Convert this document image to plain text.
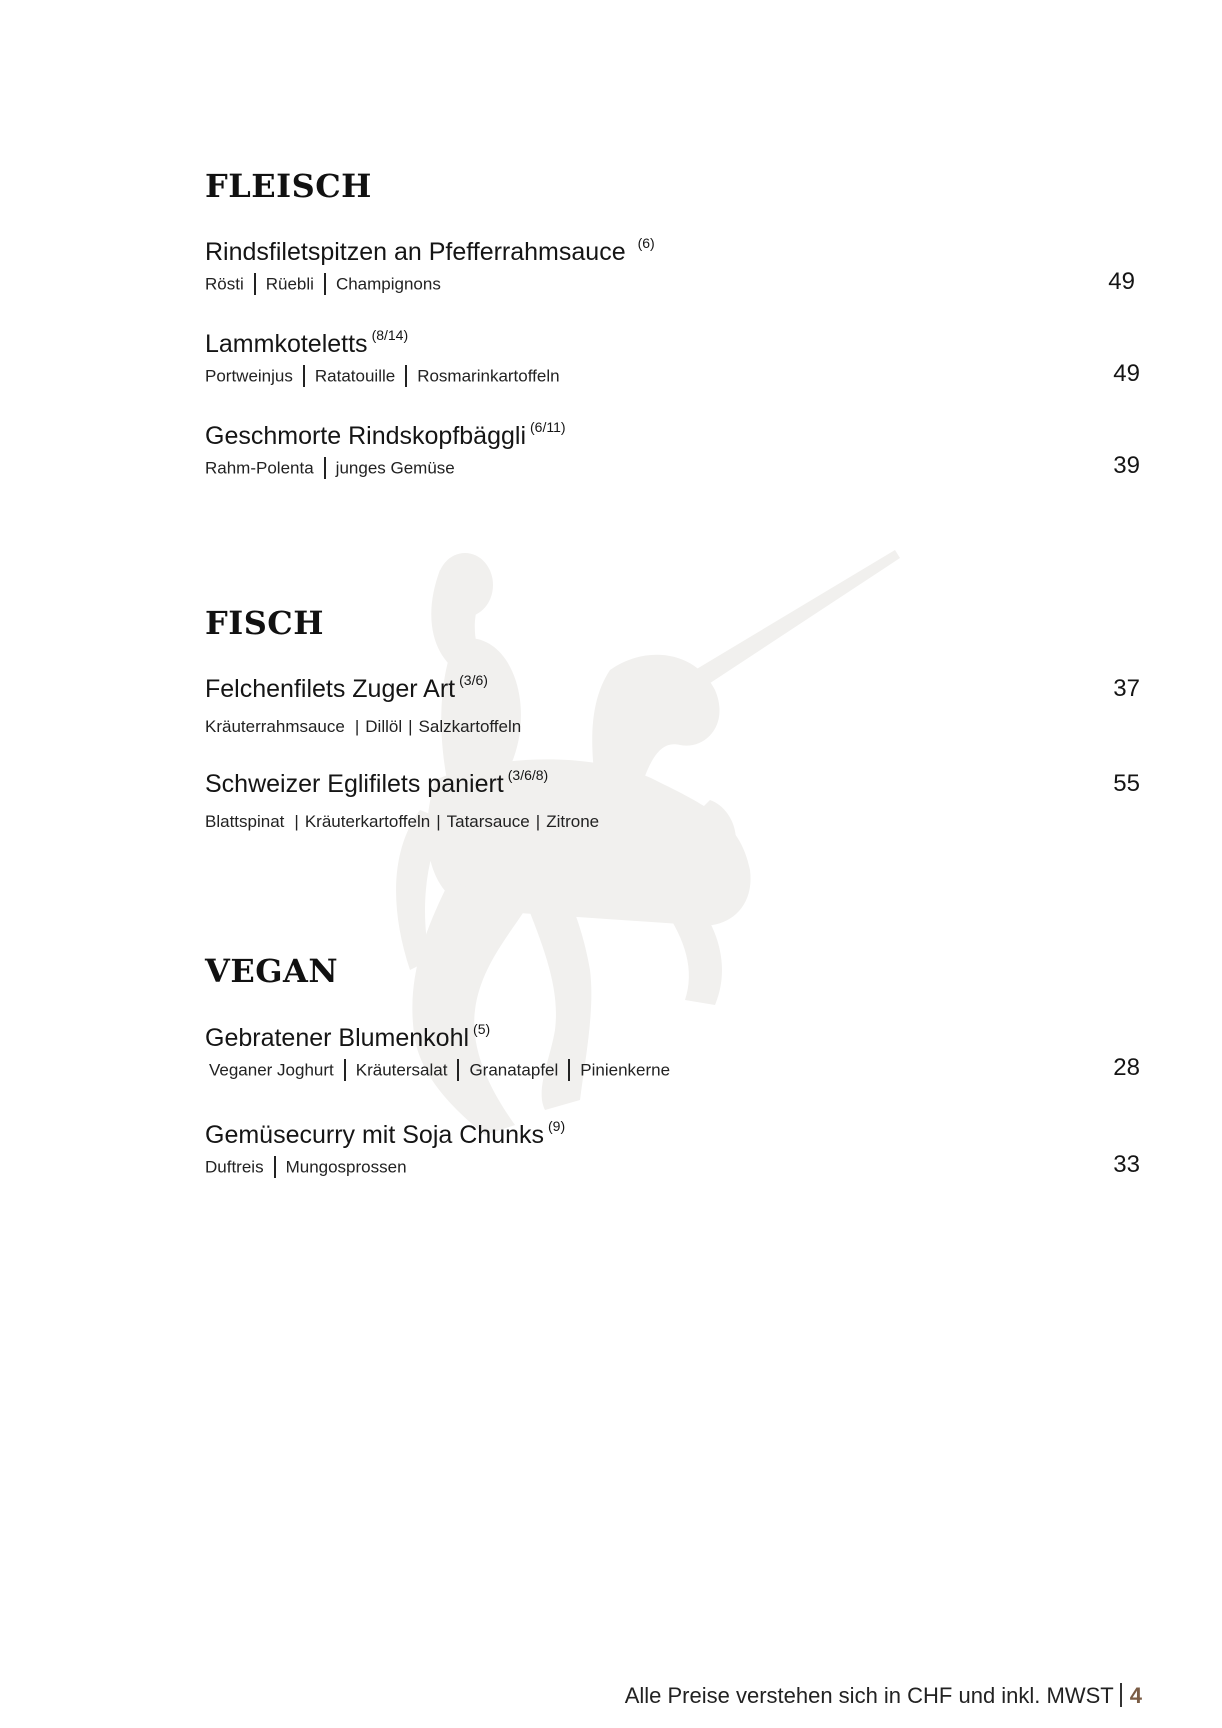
FLEISCH
Rindsfiletspitzen an Pfefferrahmsauce $^{(6)}$
Rösti Rüebli Champignons	49
Lammkoteletts $^{(8/14)}$
Portweinjus Ratatouille Rosmarinkartoffeln	49
Geschmorte Rindskopfbäggli $^{(6/11)}$
Rahm-Polenta junges Gemüse	39
FISCH
Felchenfilets Zuger Art $^{(3/6)}$
Kräuterrahmsauce | Dillöl | Salzkartoffeln
37
Schweizer Eglifilets paniert $^{(3/6/8)}$
Blattspinat | Kräuterkartoffeln | Tatarsauce | Zitrone
55
VEGAN
Gebratener Blumenkohl $^{(5)}$
Veganer Joghurt Kräutersalat Granatapfel Pinienkerne	28
Gemüsecurry mit Soja Chunks $^{(9)}$
Duftreis Mungosprossen	33
Alle Preise verstehen sich in CHF und inkl. MWST 4
